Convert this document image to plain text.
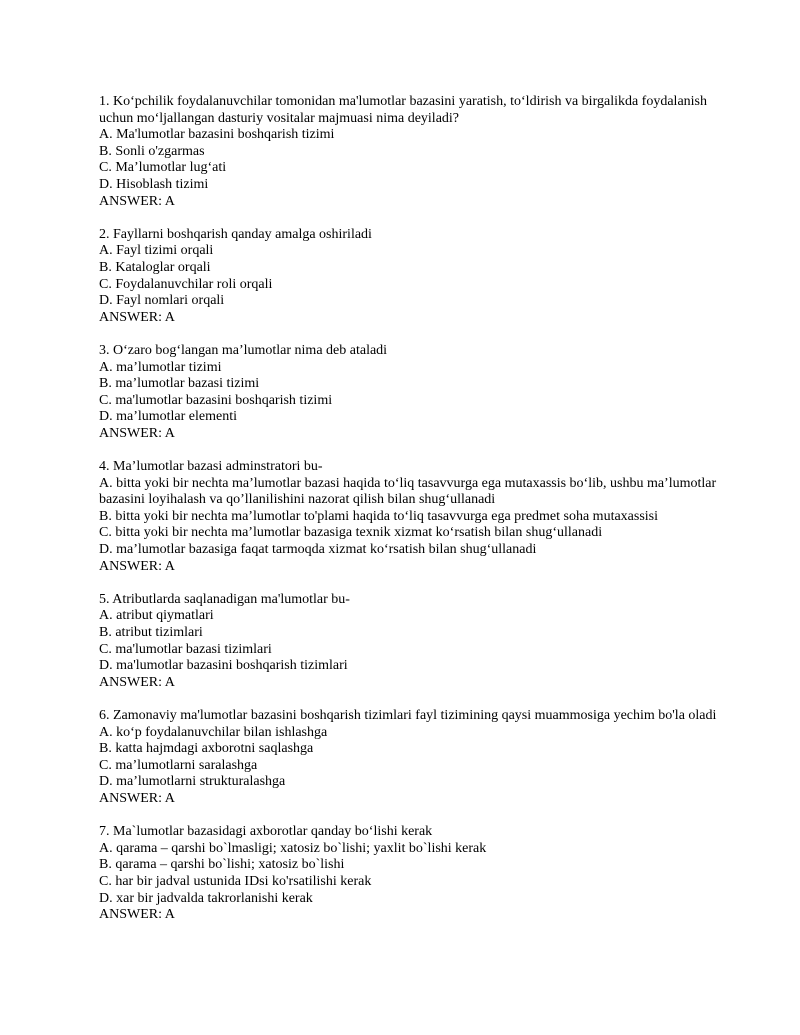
1. Ko‘pchilik foydalanuvchilar tomonidan ma'lumotlar bazasini yaratish, to‘ldirish va birgalikda foydalanish uchun mo‘ljallangan dasturiy vositalar majmuasi nima deyiladi?
A. Ma'lumotlar bazasini boshqarish tizimi
B. Sonli o'zgarmas
C. Ma’lumotlar lug‘ati
D. Hisoblash tizimi
ANSWER: A
2. Fayllarni boshqarish qanday amalga oshiriladi
A. Fayl tizimi orqali
B. Kataloglar orqali
C. Foydalanuvchilar roli orqali
D. Fayl nomlari orqali
ANSWER: A
3. O‘zaro bog‘langan ma’lumotlar nima deb ataladi
A. ma’lumotlar tizimi
B. ma’lumotlar bazasi tizimi
C. ma'lumotlar bazasini boshqarish tizimi
D. ma’lumotlar elementi
ANSWER: A
4. Ma’lumotlar bazasi adminstratori bu-
A. bitta yoki bir nechta ma’lumotlar bazasi haqida to‘liq tasavvurga ega mutaxassis bo‘lib, ushbu ma’lumotlar bazasini loyihalash va qo’llanilishini nazorat qilish bilan shug‘ullanadi
B. bitta yoki bir nechta ma’lumotlar to'plami haqida to‘liq tasavvurga ega predmet soha mutaxassisi
C. bitta yoki bir nechta ma’lumotlar bazasiga texnik xizmat ko‘rsatish bilan shug‘ullanadi
D. ma’lumotlar bazasiga faqat tarmoqda xizmat ko‘rsatish bilan shug‘ullanadi
ANSWER: A
5. Atributlarda saqlanadigan ma'lumotlar bu-
A. atribut qiymatlari
B. atribut tizimlari
C. ma'lumotlar bazasi tizimlari
D. ma'lumotlar bazasini boshqarish tizimlari
ANSWER: A
6. Zamonaviy ma'lumotlar bazasini boshqarish tizimlari fayl tizimining qaysi muammosiga yechim bo'la oladi
A. ko‘p foydalanuvchilar bilan ishlashga
B. katta hajmdagi axborotni saqlashga
C. ma’lumotlarni saralashga
D. ma’lumotlarni strukturalashga
ANSWER: A
7. Ma`lumotlar bazasidagi axborotlar qanday bo‘lishi kerak
A. qarama – qarshi bo`lmasligi; xatosiz bo`lishi; yaxlit bo`lishi kerak
B. qarama – qarshi bo`lishi; xatosiz bo`lishi
C. har bir jadval ustunida IDsi ko'rsatilishi kerak
D. xar bir jadvalda takrorlanishi kerak
ANSWER: A
